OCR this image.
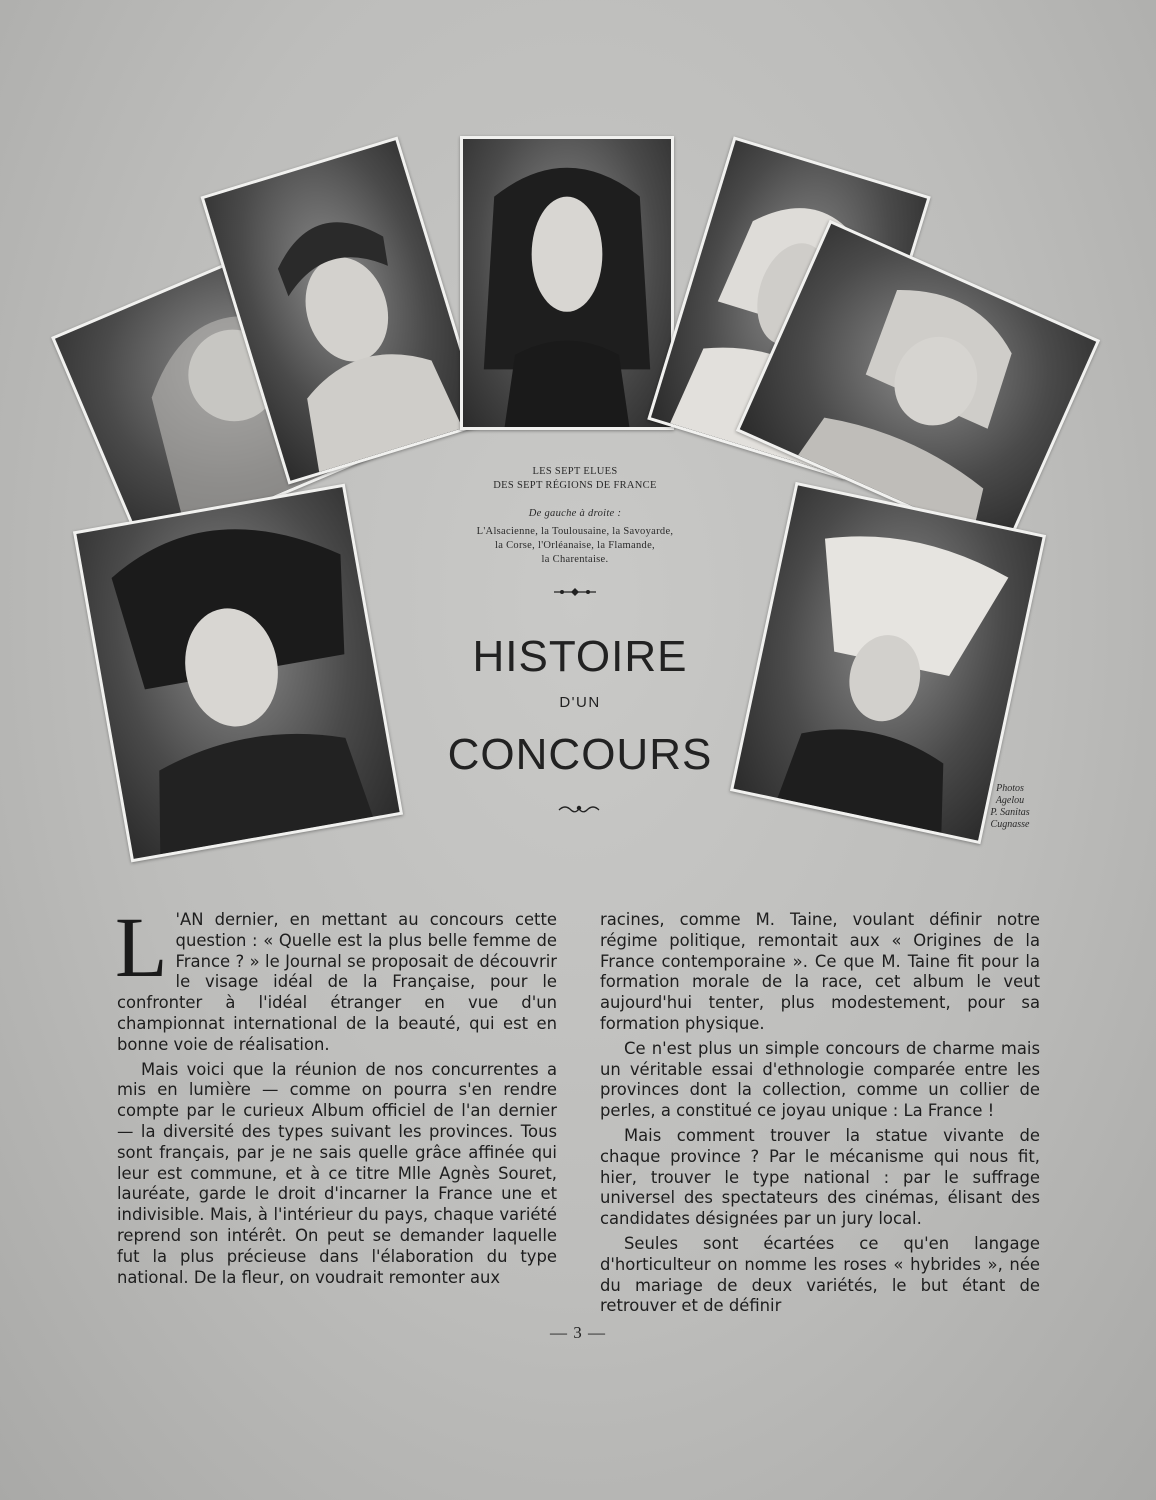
LES SEPT ELUES
DES SEPT RÉGIONS DE FRANCE
De gauche à droite :
L'Alsacienne, la Toulousaine, la Savoyarde,
la Corse, l'Orléanaise, la Flamande,
la Charentaise.
HISTOIRE
D'UN
CONCOURS
Photos
Agelou
P. Sanitas
Cugnasse

L 'AN dernier, en mettant au concours cette question : « Quelle est la plus belle femme de France ? » le Journal se proposait de découvrir le visage idéal de la Française, pour le confronter à l'idéal étranger en vue d'un championnat international de la beauté, qui est en bonne voie de réalisation.

Mais voici que la réunion de nos concurrentes a mis en lumière — comme on pourra s'en rendre compte par le curieux Album officiel de l'an dernier — la diversité des types suivant les provinces. Tous sont français, par je ne sais quelle grâce affinée qui leur est commune, et à ce titre Mlle Agnès Souret, lauréate, garde le droit d'incarner la France une et indivisible. Mais, à l'intérieur du pays, chaque variété reprend son intérêt. On peut se demander laquelle fut la plus précieuse dans l'élaboration du type national. De la fleur, on voudrait remonter aux

racines, comme M. Taine, voulant définir notre régime politique, remontait aux « Origines de la France contemporaine ». Ce que M. Taine fit pour la formation morale de la race, cet album le veut aujourd'hui tenter, plus modestement, pour sa formation physique.

Ce n'est plus un simple concours de charme mais un véritable essai d'ethnologie comparée entre les provinces dont la collection, comme un collier de perles, a constitué ce joyau unique : La France !

Mais comment trouver la statue vivante de chaque province ? Par le mécanisme qui nous fit, hier, trouver le type national : par le suffrage universel des spectateurs des cinémas, élisant des candidates désignées par un jury local.

Seules sont écartées ce qu'en langage d'horticulteur on nomme les roses « hybrides », née du mariage de deux variétés, le but étant de retrouver et de définir

— 3 —
